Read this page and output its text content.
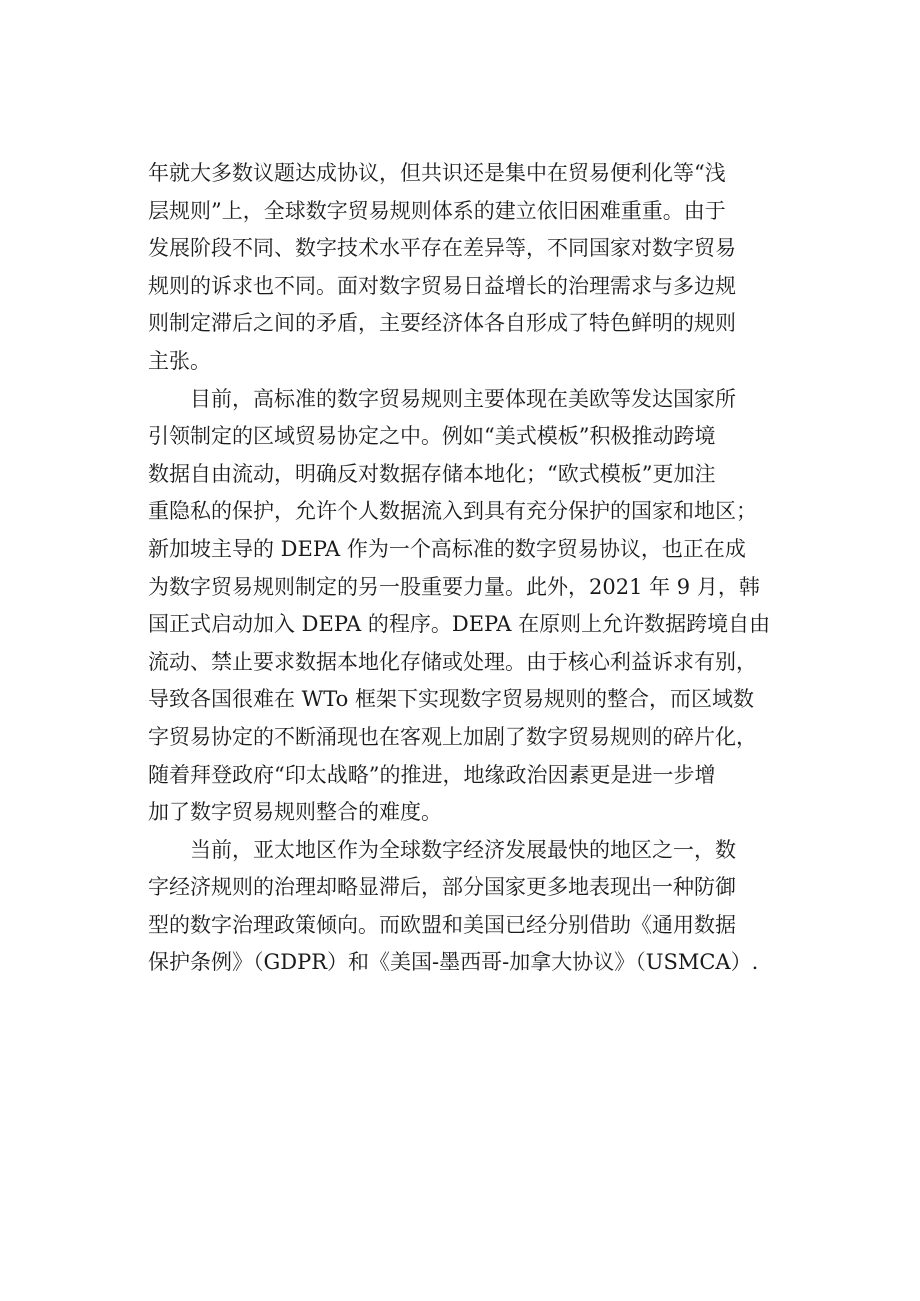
年就大多数议题达成协议，但共识还是集中在贸易便利化等“浅
层规则”上，全球数字贸易规则体系的建立依旧困难重重。由于
发展阶段不同、数字技术水平存在差异等，不同国家对数字贸易
规则的诉求也不同。面对数字贸易日益增长的治理需求与多边规
则制定滞后之间的矛盾，主要经济体各自形成了特色鲜明的规则
主张。
　　目前，高标准的数字贸易规则主要体现在美欧等发达国家所
引领制定的区域贸易协定之中。例如“美式模板”积极推动跨境
数据自由流动，明确反对数据存储本地化；“欧式模板”更加注
重隐私的保护，允许个人数据流入到具有充分保护的国家和地区；
新加坡主导的 DEPA 作为一个高标准的数字贸易协议，也正在成
为数字贸易规则制定的另一股重要力量。此外，2021 年 9 月，韩
国正式启动加入 DEPA 的程序。DEPA 在原则上允许数据跨境自由
流动、禁止要求数据本地化存储或处理。由于核心利益诉求有别，
导致各国很难在 WTo 框架下实现数字贸易规则的整合，而区域数
字贸易协定的不断涌现也在客观上加剧了数字贸易规则的碎片化，
随着拜登政府“印太战略”的推进，地缘政治因素更是进一步增
加了数字贸易规则整合的难度。
　　当前，亚太地区作为全球数字经济发展最快的地区之一，数
字经济规则的治理却略显滞后，部分国家更多地表现出一种防御
型的数字治理政策倾向。而欧盟和美国已经分别借助《通用数据
保护条例》（GDPR）和《美国-墨西哥-加拿大协议》（USMCA）.
